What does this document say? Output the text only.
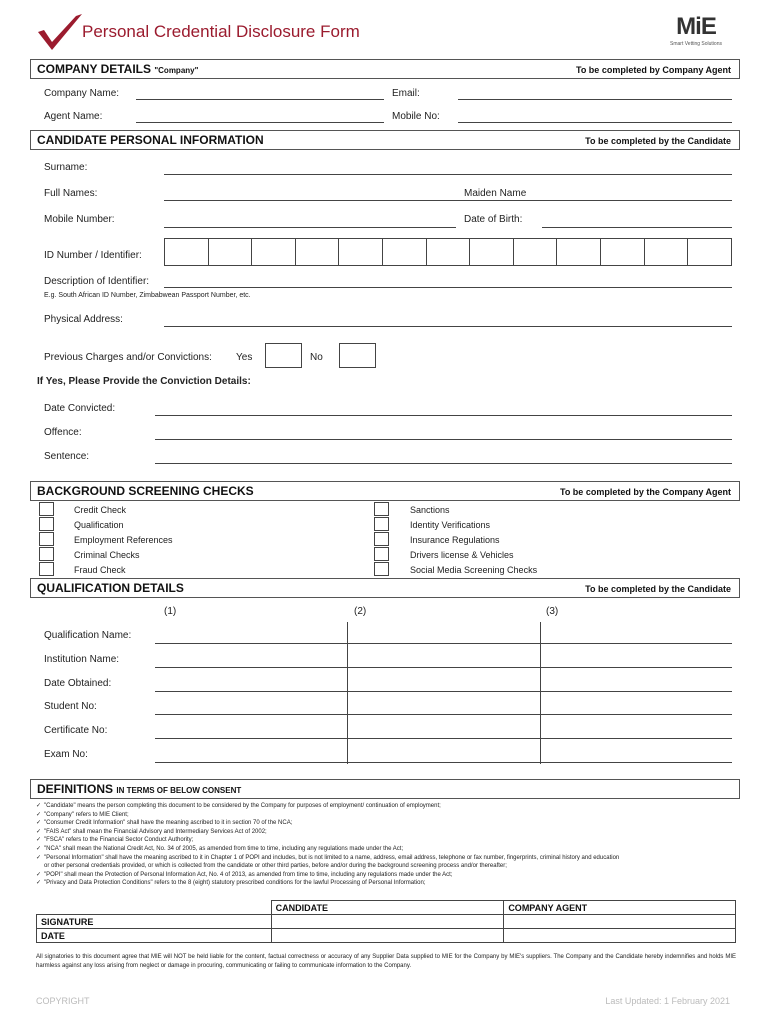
Personal Credential Disclosure Form	MiE
Smart Vetting Solutions
COMPANY DETAILS "Company"	To be completed by Company Agent
Company Name:	Email:
Agent Name:	Mobile No:
CANDIDATE PERSONAL INFORMATION	To be completed by the Candidate
Surname:
Full Names:	Maiden Name
Mobile Number:	Date of Birth:
ID Number / Identifier:
Description of Identifier:
E.g. South African ID Number, Zimbabwean Passport Number, etc.
Physical Address:
Previous Charges and/or Convictions: Yes	No
If Yes, Please Provide the Conviction Details:
Date Convicted:
Offence:
Sentence:
BACKGROUND SCREENING CHECKS	To be completed by the Company Agent
Credit Check
Qualification
Employment References
Criminal Checks
Fraud Check
Sanctions
Identity Verifications
Insurance Regulations
Drivers license & Vehicles
Social Media Screening Checks
QUALIFICATION DETAILS	To be completed by the Candidate
(1)	(2)	(3)
Qualification Name:
Institution Name:
Date Obtained:
Student No:
Certificate No:
Exam No:
DEFINITIONS IN TERMS OF BELOW CONSENT
✓ "Candidate" means the person completing this document to be considered by the Company for purposes of employment/ continuation of employment;
✓ "Company" refers to MIE Client;
✓ "Consumer Credit Information" shall have the meaning ascribed to it in section 70 of the NCA;
✓ "FAIS Act" shall mean the Financial Advisory and Intermediary Services Act of 2002;
✓ "FSCA" refers to the Financial Sector Conduct Authority;
✓ "NCA" shall mean the National Credit Act, No. 34 of 2005, as amended from time to time, including any regulations made under the Act;
✓ "Personal Information" shall have the meaning ascribed to it in Chapter 1 of POPI and includes, but is not limited to a name, address, email address, telephone or fax number, fingerprints, criminal history and education
or other personal credentials provided, or which is collected from the candidate or other third parties, before and/or during the background screening process and/or thereafter;
✓ "POPI" shall mean the Protection of Personal Information Act, No. 4 of 2013, as amended from time to time, including any regulations made under the Act;
✓ "Privacy and Data Protection Conditions" refers to the 8 (eight) statutory prescribed conditions for the lawful Processing of Personal Information;
	CANDIDATE	COMPANY AGENT
SIGNATURE		
DATE		
All signatories to this document agree that MIE will NOT be held liable for the content, factual correctness or accuracy of any Supplier Data supplied to MIE for the Company by MIE's suppliers. The Company and the Candidate hereby indemnifies and holds MIE harmless against any loss arising from neglect or damage in procuring, communicating or failing to communicate information to the Company.
COPYRIGHT	Last Updated: 1 February 2021
